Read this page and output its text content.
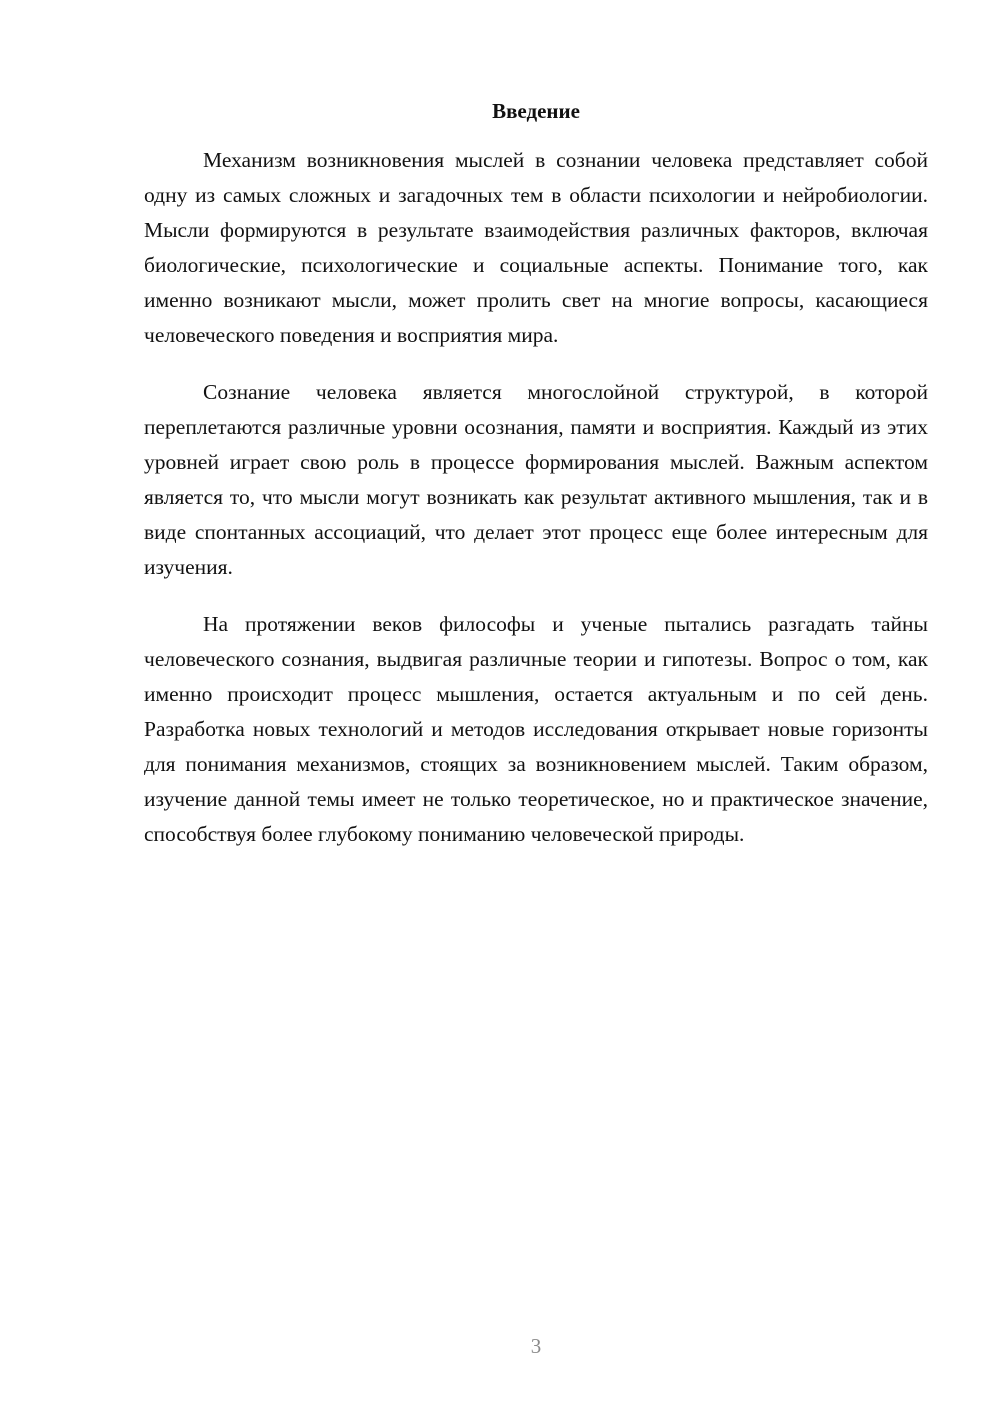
Введение

Механизм возникновения мыслей в сознании человека представляет собой одну из самых сложных и загадочных тем в области психологии и нейробиологии. Мысли формируются в результате взаимодействия различных факторов, включая биологические, психологические и социальные аспекты. Понимание того, как именно возникают мысли, может пролить свет на многие вопросы, касающиеся человеческого поведения и восприятия мира.

Сознание человека является многослойной структурой, в которой переплетаются различные уровни осознания, памяти и восприятия. Каждый из этих уровней играет свою роль в процессе формирования мыслей. Важным аспектом является то, что мысли могут возникать как результат активного мышления, так и в виде спонтанных ассоциаций, что делает этот процесс еще более интересным для изучения.

На протяжении веков философы и ученые пытались разгадать тайны человеческого сознания, выдвигая различные теории и гипотезы. Вопрос о том, как именно происходит процесс мышления, остается актуальным и по сей день. Разработка новых технологий и методов исследования открывает новые горизонты для понимания механизмов, стоящих за возникновением мыслей. Таким образом, изучение данной темы имеет не только теоретическое, но и практическое значение, способствуя более глубокому пониманию человеческой природы.

3
